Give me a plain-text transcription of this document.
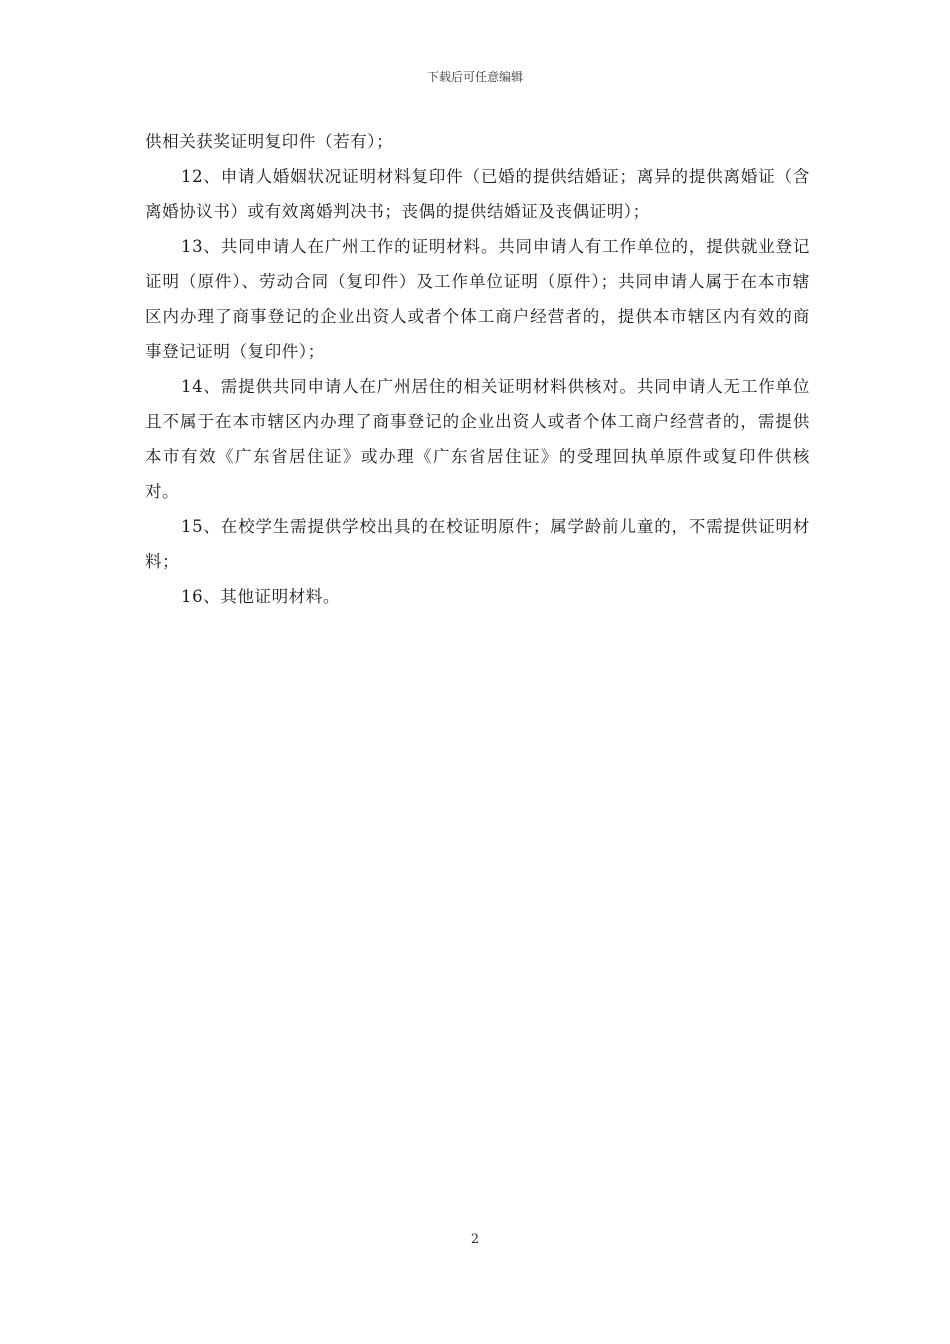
下载后可任意编辑

供相关获奖证明复印件（若有）；

12、申请人婚姻状况证明材料复印件（已婚的提供结婚证；离异的提供离婚证（含离婚协议书）或有效离婚判决书；丧偶的提供结婚证及丧偶证明）；

13、共同申请人在广州工作的证明材料。共同申请人有工作单位的，提供就业登记证明（原件）、劳动合同（复印件）及工作单位证明（原件）；共同申请人属于在本市辖区内办理了商事登记的企业出资人或者个体工商户经营者的，提供本市辖区内有效的商事登记证明（复印件）；

14、需提供共同申请人在广州居住的相关证明材料供核对。共同申请人无工作单位且不属于在本市辖区内办理了商事登记的企业出资人或者个体工商户经营者的，需提供本市有效《广东省居住证》或办理《广东省居住证》的受理回执单原件或复印件供核对。

15、在校学生需提供学校出具的在校证明原件；属学龄前儿童的，不需提供证明材料；

16、其他证明材料。

2
